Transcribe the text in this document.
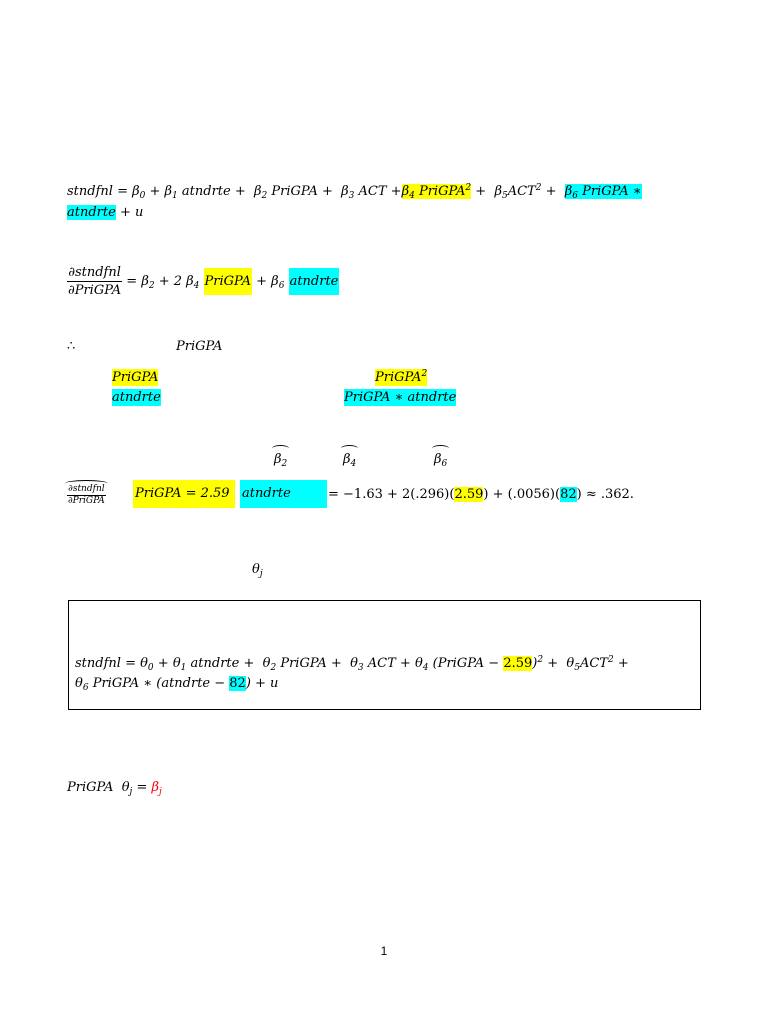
stndfnl = $\beta_0 + \beta_1$ atndrte +  $\beta_2$ PriGPA +  $\beta_3$ ACT $+\beta_4$ PriGPA$^2$ +  $\beta_5ACT^2 + \beta_6$ PriGPA ∗
atndrte + u
$\frac{\text{∂stndfnl}}{\text{∂PriGPA}} = \beta_2 + 2$ $\beta_4$ PriGPA + $\beta_6$ atndrte
∴	PriGPA
PriGPA	PriGPA$^2$
atndrte	PriGPA ∗ atndrte
$\beta_2$	$\beta_4$	$\beta_6$
$\frac{\text{∂stndfnl}}{\text{∂PriGPA}}$ PriGPA = 2.59 atndrte	= −1.63 + 2(.296)(2.59) + (.0056)(82) ≈ .362.
$\theta_j$
stndfnl = $\theta_0 + \theta_1$ atndrte +  $\theta_2$ PriGPA +  $\theta_3$ ACT + $\theta_4$ (PriGPA − $2.59)^2 + \theta_5ACT^2$ +
$\theta_6$ PriGPA ∗ (atndrte − 82) + u
PriGPA $\theta_j = \beta_j$
1
